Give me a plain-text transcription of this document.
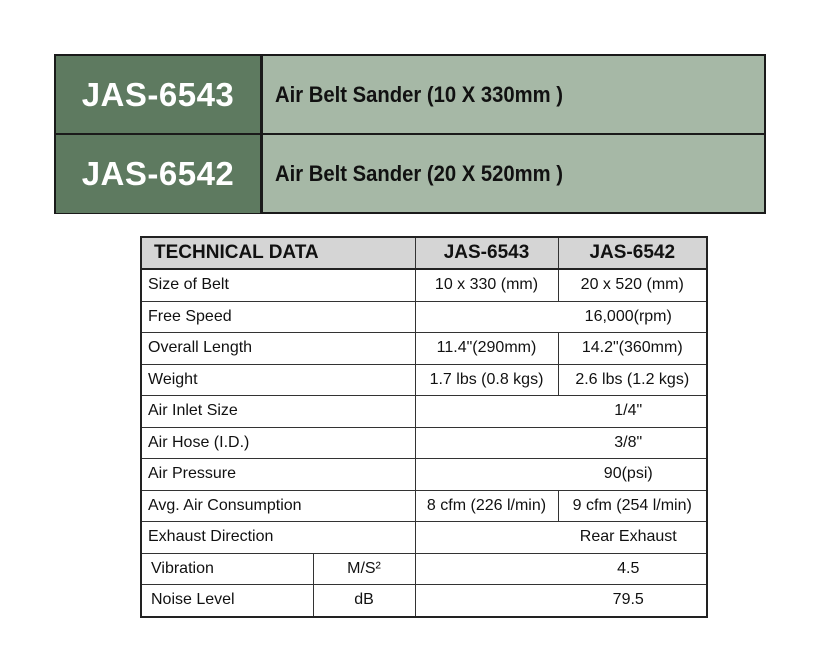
JAS-6543	Air Belt Sander (10 X 330mm )
JAS-6542	Air Belt Sander (20 X 520mm )
TECHNICAL DATA		JAS-6543	JAS-6542
Size of Belt		10 x 330 (mm)	20 x 520 (mm)
Free Speed		16,000(rpm)	
Overall Length		11.4"(290mm)	14.2"(360mm)
Weight		1.7 lbs (0.8 kgs)	2.6 lbs (1.2 kgs)
Air Inlet Size		1/4"	
Air Hose (I.D.)		3/8"	
Air Pressure		90(psi)	
Avg. Air Consumption		8 cfm (226 l/min)	9 cfm (254 l/min)
Exhaust Direction		Rear Exhaust	
Vibration	M/S²	4.5	
Noise Level	dB	79.5	
